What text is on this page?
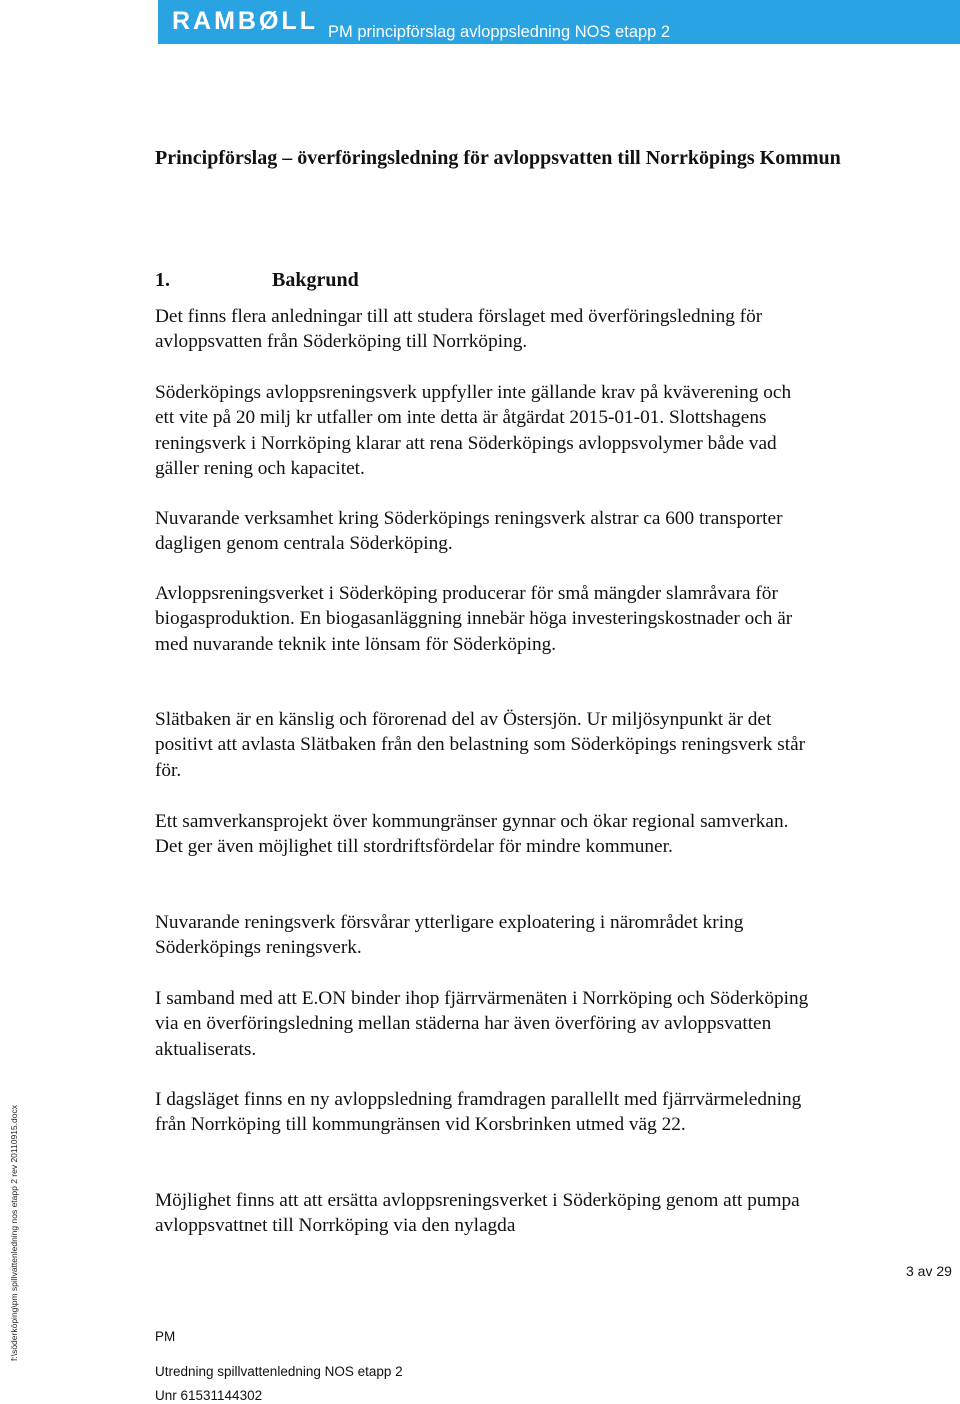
RAMBØLL PM principförslag avloppsledning NOS etapp 2
Principförslag – överföringsledning för avloppsvatten till Norrköpings Kommun
1.	Bakgrund

Det finns flera anledningar till att studera förslaget med överföringsledning för avloppsvatten från Söderköping till Norrköping.

Söderköpings avloppsreningsverk uppfyller inte gällande krav på kväverening och ett vite på 20 milj kr utfaller om inte detta är åtgärdat 2015-01-01. Slottshagens reningsverk i Norrköping klarar att rena Söderköpings avloppsvolymer både vad gäller rening och kapacitet.

Nuvarande verksamhet kring Söderköpings reningsverk alstrar ca 600 transporter dagligen genom centrala Söderköping.

Avloppsreningsverket i Söderköping producerar för små mängder slamråvara för biogasproduktion. En biogasanläggning innebär höga investeringskostnader och är med nuvarande teknik inte lönsam för Söderköping.

Slätbaken är en känslig och förorenad del av Östersjön. Ur miljösynpunkt är det positivt att avlasta Slätbaken från den belastning som Söderköpings reningsverk står för.

Ett samverkansprojekt över kommungränser gynnar och ökar regional samverkan. Det ger även möjlighet till stordriftsfördelar för mindre kommuner.

Nuvarande reningsverk försvårar ytterligare exploatering i närområdet kring Söderköpings reningsverk.

I samband med att E.ON binder ihop fjärrvärmenäten i Norrköping och Söderköping via en överföringsledning mellan städerna har även överföring av avloppsvatten aktualiserats.

I dagsläget finns en ny avloppsledning framdragen parallellt med fjärrvärmeledning från Norrköping till kommungränsen vid Korsbrinken utmed väg 22.

Möjlighet finns att att ersätta avloppsreningsverket i Söderköping genom att pumpa avloppsvattnet till Norrköping via den nylagda

3 av 29
PM
Utredning spillvattenledning NOS etapp 2
Unr 61531144302
f:\söderköping\pm spillvattenledning nos etapp 2 rev 20110915.docx
